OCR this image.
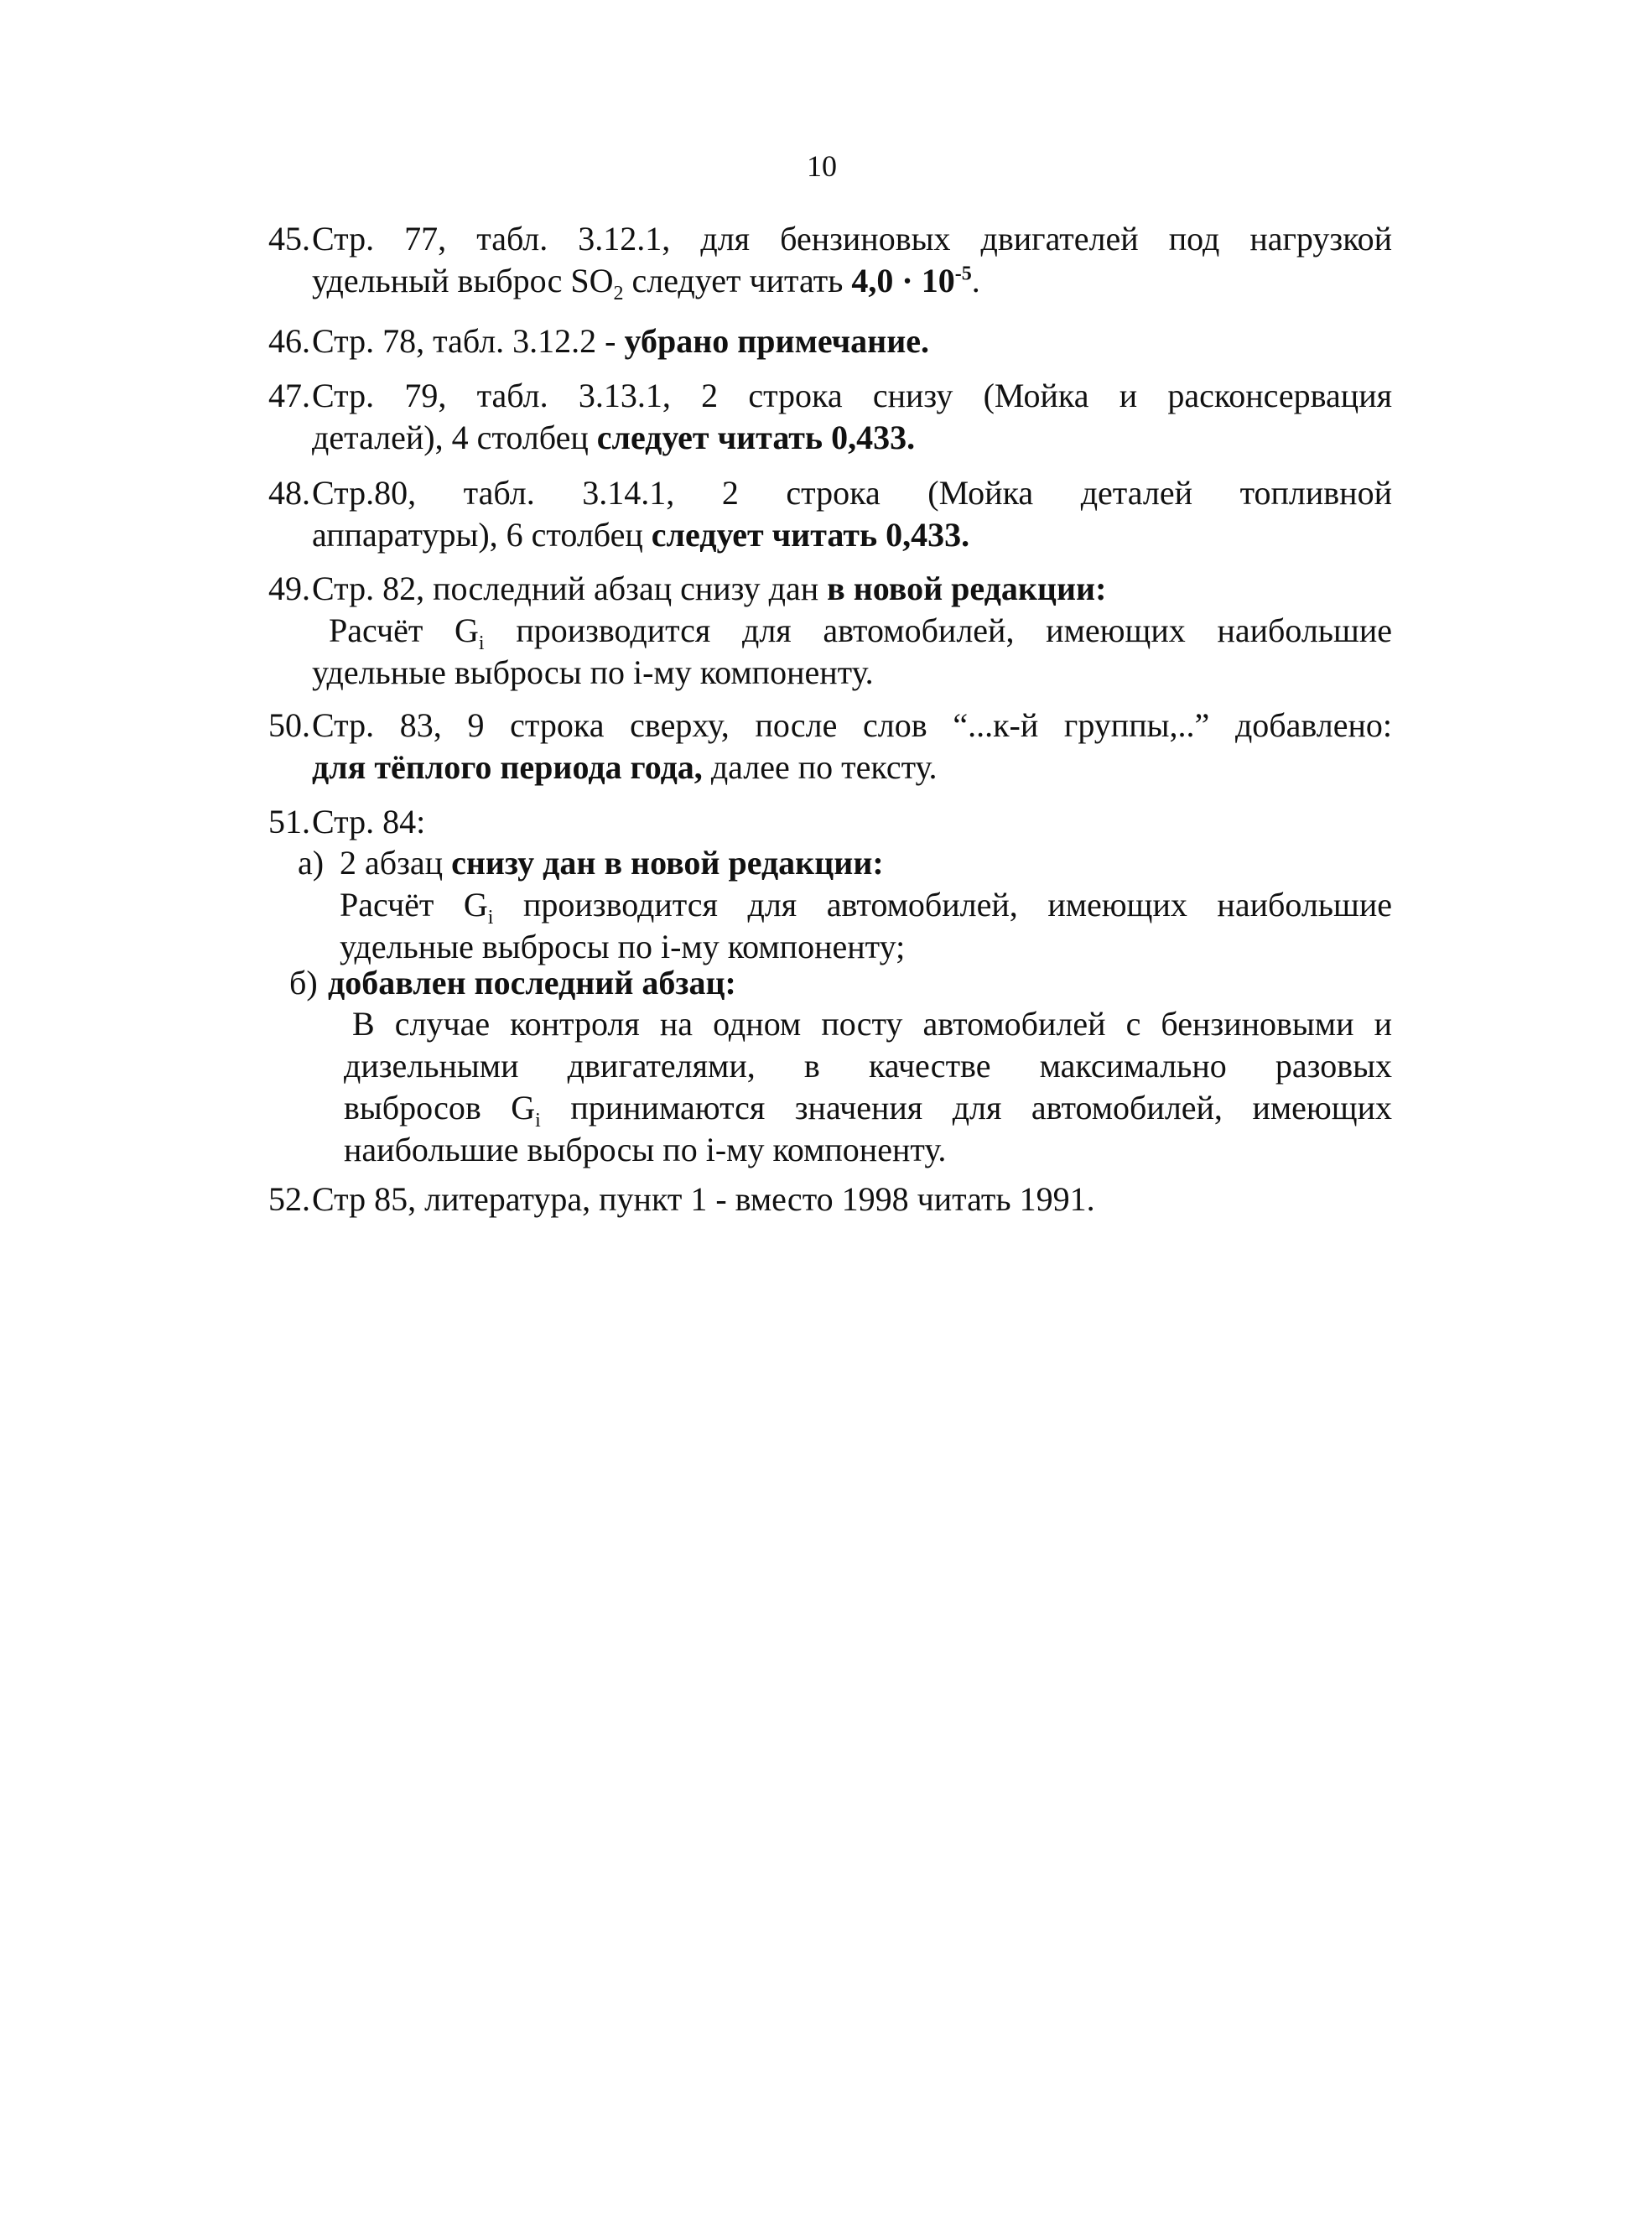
10
45. Стр. 77, табл. 3.12.1, для бензиновых двигателей под нагрузкой
удельный выброс $SO_2$ следует читать $4,0 \cdot 10^{-5}$.
46. Стр. 78, табл. 3.12.2 - убрано примечание.
47. Стр. 79, табл. 3.13.1, 2 строка снизу (Мойка и расконсервация
деталей), 4 столбец следует читать 0,433.
48. Стр.80, табл. 3.14.1, 2 строка (Мойка деталей топливной
аппаратуры), 6 столбец следует читать 0,433.
49. Стр. 82, последний абзац снизу дан в новой редакции:
Расчёт $G_i$ производится для автомобилей, имеющих наибольшие
удельные выбросы по i-му компоненту.
50. Стр. 83, 9 строка сверху, после слов “...к-й группы,..” добавлено:
для тёплого периода года, далее по тексту.
51. Стр. 84:
а) 2 абзац снизу дан в новой редакции:
Расчёт $G_i$ производится для автомобилей, имеющих наибольшие
удельные выбросы по i-му компоненту;
б) добавлен последний абзац:
В случае контроля на одном посту автомобилей с бензиновыми и
дизельными двигателями, в качестве максимально разовых
выбросов $G_i$ принимаются значения для автомобилей, имеющих
наибольшие выбросы по i-му компоненту.
52. Стр 85, литература, пункт 1 - вместо 1998 читать 1991.
